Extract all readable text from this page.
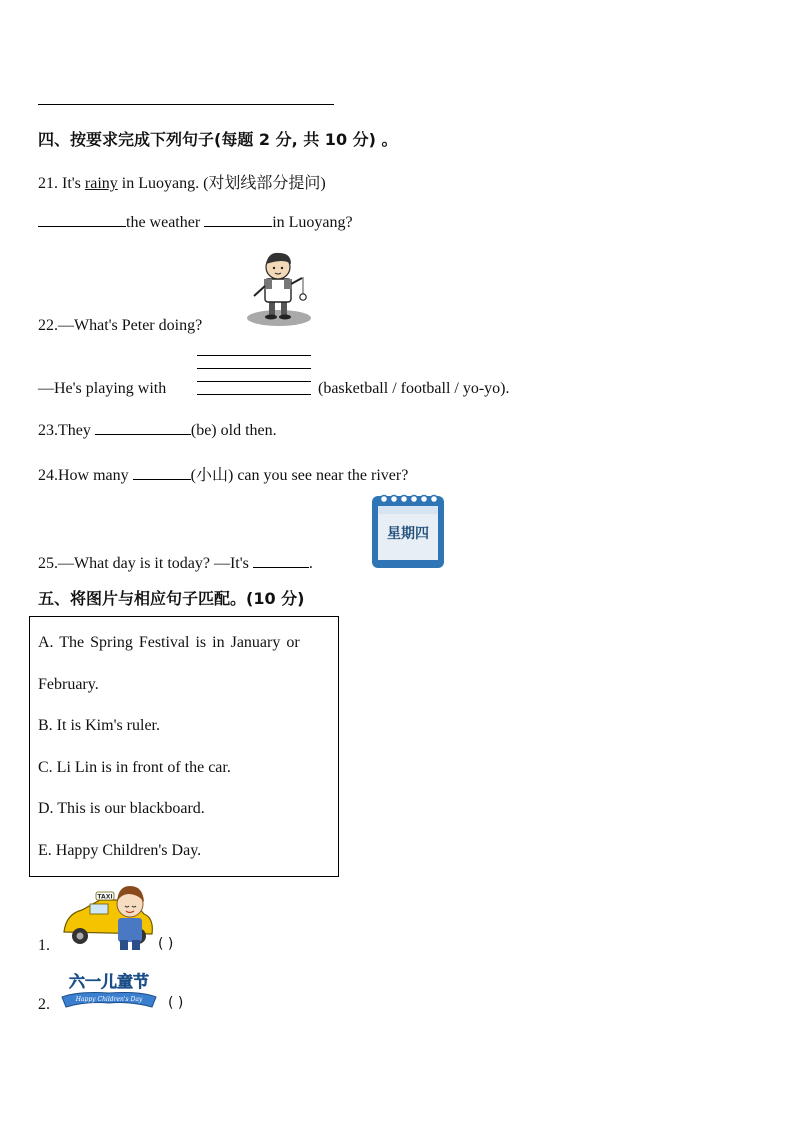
四、按要求完成下列句子(每题 2 分, 共 10 分) 。
21. It's rainy in Luoyang. (对划线部分提问)
the weather	in Luoyang?
22.—What's Peter doing?
—He's playing with	(basketball / football / yo-yo).
23.They	(be) old then.
24.How many	(小山) can you see near the river?
星期四
25.—What day is it today? —It's	.
五、将图片与相应句子匹配。(10 分)
A. The Spring Festival is in January or
February.
B. It is Kim's ruler.
C. Li Lin is in front of the car.
D. This is our blackboard.
E. Happy Children's Day.
TAXI
1.	( )
Happy Children's Day
六一儿童节
2.	( )
